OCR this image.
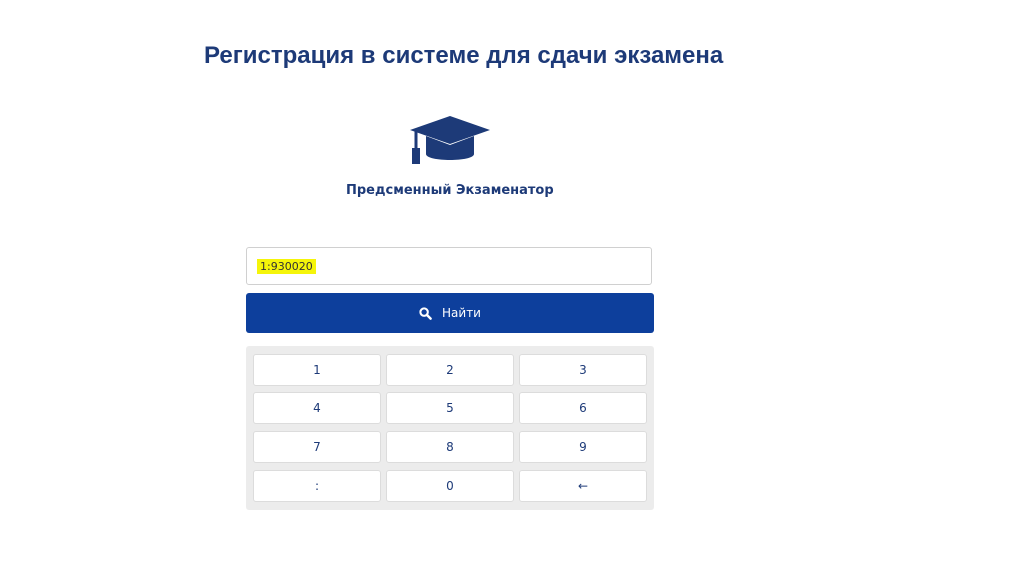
Регистрация в системе для сдачи экзамена
Предсменный Экзаменатор
1:930020
Найти
1	2	3
4	5	6
7	8	9
:	0	←
